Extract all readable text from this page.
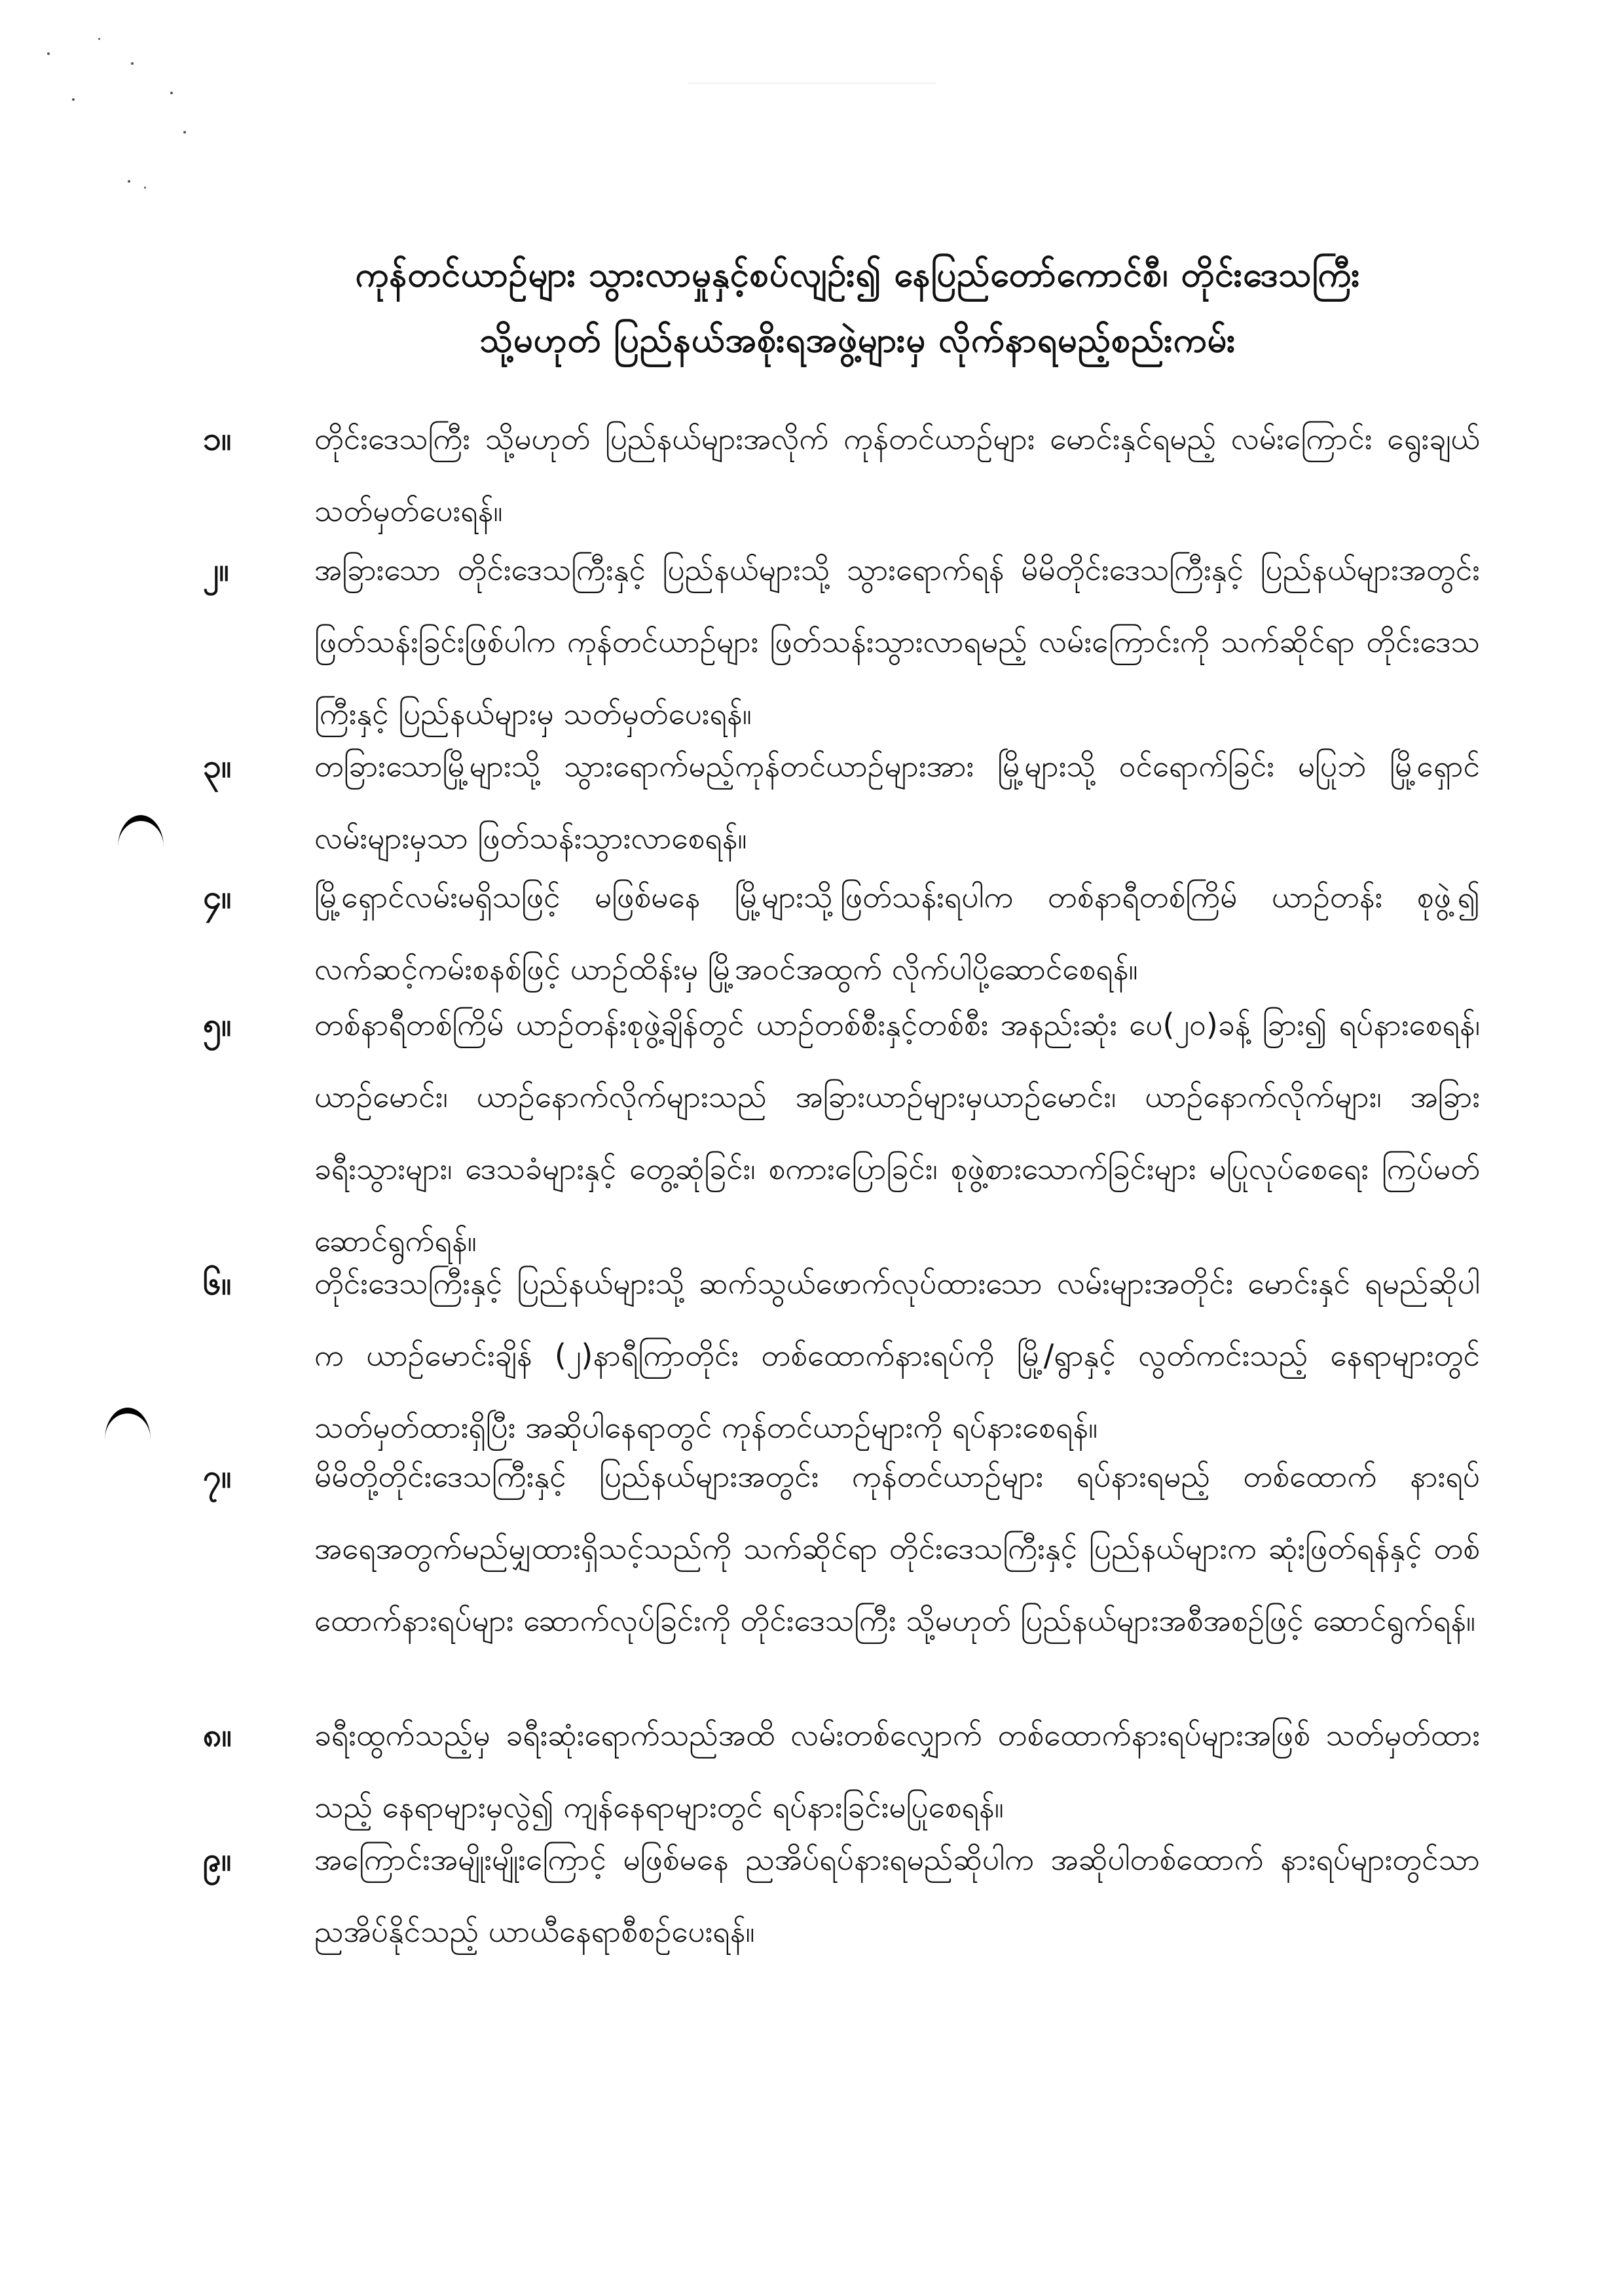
ကုန်တင်ယာဉ်များ သွားလာမှုနှင့်စပ်လျဉ်း၍ နေပြည်တော်ကောင်စီ၊ တိုင်းဒေသကြီး
သို့မဟုတ် ပြည်နယ်အစိုးရအဖွဲ့များမှ လိုက်နာရမည့်စည်းကမ်း
၁။	တိုင်းဒေသကြီး သို့မဟုတ် ပြည်နယ်များအလိုက် ကုန်တင်ယာဉ်များ မောင်းနှင်ရမည့် လမ်းကြောင်း ရွေးချယ်သတ်မှတ်ပေးရန်။
၂။	အခြားသော တိုင်းဒေသကြီးနှင့် ပြည်နယ်များသို့ သွားရောက်ရန် မိမိတိုင်းဒေသကြီးနှင့် ပြည်နယ်များအတွင်း ဖြတ်သန်းခြင်းဖြစ်ပါက ကုန်တင်ယာဉ်များ ဖြတ်သန်းသွားလာရမည့် လမ်းကြောင်းကို သက်ဆိုင်ရာ တိုင်းဒေသကြီးနှင့် ပြည်နယ်များမှ သတ်မှတ်ပေးရန်။
၃။	တခြားသောမြို့များသို့ သွားရောက်မည့်ကုန်တင်ယာဉ်များအား မြို့များသို့ ဝင်ရောက်ခြင်း မပြုဘဲ မြို့ရှောင်လမ်းများမှသာ ဖြတ်သန်းသွားလာစေရန်။
၄။	မြို့ရှောင်လမ်းမရှိသဖြင့် မဖြစ်မနေ မြို့များသို့ဖြတ်သန်းရပါက တစ်နာရီတစ်ကြိမ် ယာဉ်တန်း စုဖွဲ့၍ လက်ဆင့်ကမ်းစနစ်ဖြင့် ယာဉ်ထိန်းမှ မြို့အဝင်အထွက် လိုက်ပါပို့ဆောင်စေရန်။
၅။	တစ်နာရီတစ်ကြိမ် ယာဉ်တန်းစုဖွဲ့ချိန်တွင် ယာဉ်တစ်စီးနှင့်တစ်စီး အနည်းဆုံး ပေ(၂၀)ခန့် ခြား၍ ရပ်နားစေရန်၊ ယာဉ်မောင်း၊ ယာဉ်နောက်လိုက်များသည် အခြားယာဉ်များမှယာဉ်မောင်း၊ ယာဉ်နောက်လိုက်များ၊ အခြားခရီးသွားများ၊ ဒေသခံများနှင့် တွေ့ဆုံခြင်း၊ စကားပြောခြင်း၊ စုဖွဲ့စားသောက်ခြင်းများ မပြုလုပ်စေရေး ကြပ်မတ်ဆောင်ရွက်ရန်။
၆။	တိုင်းဒေသကြီးနှင့် ပြည်နယ်များသို့ ဆက်သွယ်ဖောက်လုပ်ထားသော လမ်းများအတိုင်း မောင်းနှင် ရမည်ဆိုပါက ယာဉ်မောင်းချိန် (၂)နာရီကြာတိုင်း တစ်ထောက်နားရပ်ကို မြို့/ရွာနှင့် လွတ်ကင်းသည့် နေရာများတွင် သတ်မှတ်ထားရှိပြီး အဆိုပါနေရာတွင် ကုန်တင်ယာဉ်များကို ရပ်နားစေရန်။
၇။	မိမိတို့တိုင်းဒေသကြီးနှင့် ပြည်နယ်များအတွင်း ကုန်တင်ယာဉ်များ ရပ်နားရမည့် တစ်ထောက် နားရပ် အရေအတွက်မည်မျှထားရှိသင့်သည်ကို သက်ဆိုင်ရာ တိုင်းဒေသကြီးနှင့် ပြည်နယ်များက ဆုံးဖြတ်ရန်နှင့် တစ်ထောက်နားရပ်များ ဆောက်လုပ်ခြင်းကို တိုင်းဒေသကြီး သို့မဟုတ် ပြည်နယ်များအစီအစဉ်ဖြင့် ဆောင်ရွက်ရန်။
၈။	ခရီးထွက်သည့်မှ ခရီးဆုံးရောက်သည်အထိ လမ်းတစ်လျှောက် တစ်ထောက်နားရပ်များအဖြစ် သတ်မှတ်ထားသည့် နေရာများမှလွဲ၍ ကျန်နေရာများတွင် ရပ်နားခြင်းမပြုစေရန်။
၉။	အကြောင်းအမျိုးမျိုးကြောင့် မဖြစ်မနေ ညအိပ်ရပ်နားရမည်ဆိုပါက အဆိုပါတစ်ထောက် နားရပ်များတွင်သာ ညအိပ်နိုင်သည့် ယာယီနေရာစီစဉ်ပေးရန်။
